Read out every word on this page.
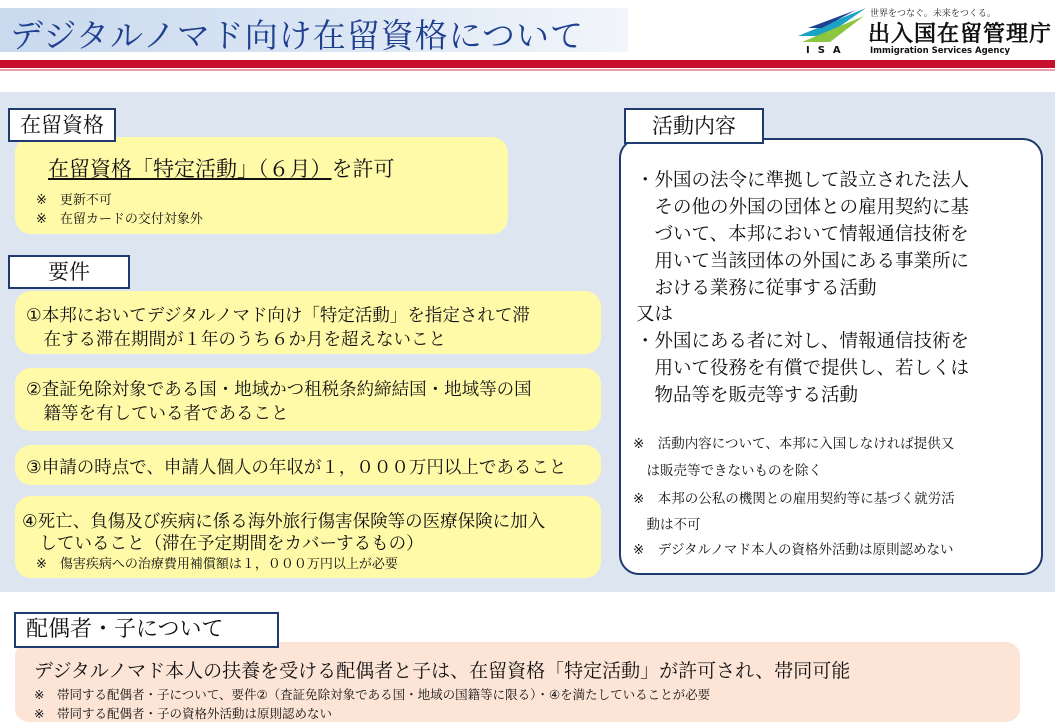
デジタルノマド向け在留資格について
世界をつなぐ。未来をつくる。
出入国在留管理庁
Immigration Services Agency
ISA
在留資格
在留資格「特定活動」（６月）を許可
※　更新不可
※　在留カードの交付対象外
要件
①本邦においてデジタルノマド向け「特定活動」を指定されて滞
　在する滞在期間が１年のうち６か月を超えないこと
②査証免除対象である国・地域かつ租税条約締結国・地域等の国
　籍等を有している者であること
③申請の時点で、申請人個人の年収が１，０００万円以上であること
④死亡、負傷及び疾病に係る海外旅行傷害保険等の医療保険に加入
　していること（滞在予定期間をカバーするもの）
※　傷害疾病への治療費用補償額は１，０００万円以上が必要
活動内容
・外国の法令に準拠して設立された法人
　その他の外国の団体との雇用契約に基
　づいて、本邦において情報通信技術を
　用いて当該団体の外国にある事業所に
　おける業務に従事する活動
又は
・外国にある者に対し、情報通信技術を
　用いて役務を有償で提供し、若しくは
　物品等を販売等する活動
※　活動内容について、本邦に入国しなければ提供又
　は販売等できないものを除く
※　本邦の公私の機関との雇用契約等に基づく就労活
　動は不可
※　デジタルノマド本人の資格外活動は原則認めない
配偶者・子について
デジタルノマド本人の扶養を受ける配偶者と子は、在留資格「特定活動」が許可され、帯同可能
※　帯同する配偶者・子について、要件②（査証免除対象である国・地域の国籍等に限る）・④を満たしていることが必要
※　帯同する配偶者・子の資格外活動は原則認めない
